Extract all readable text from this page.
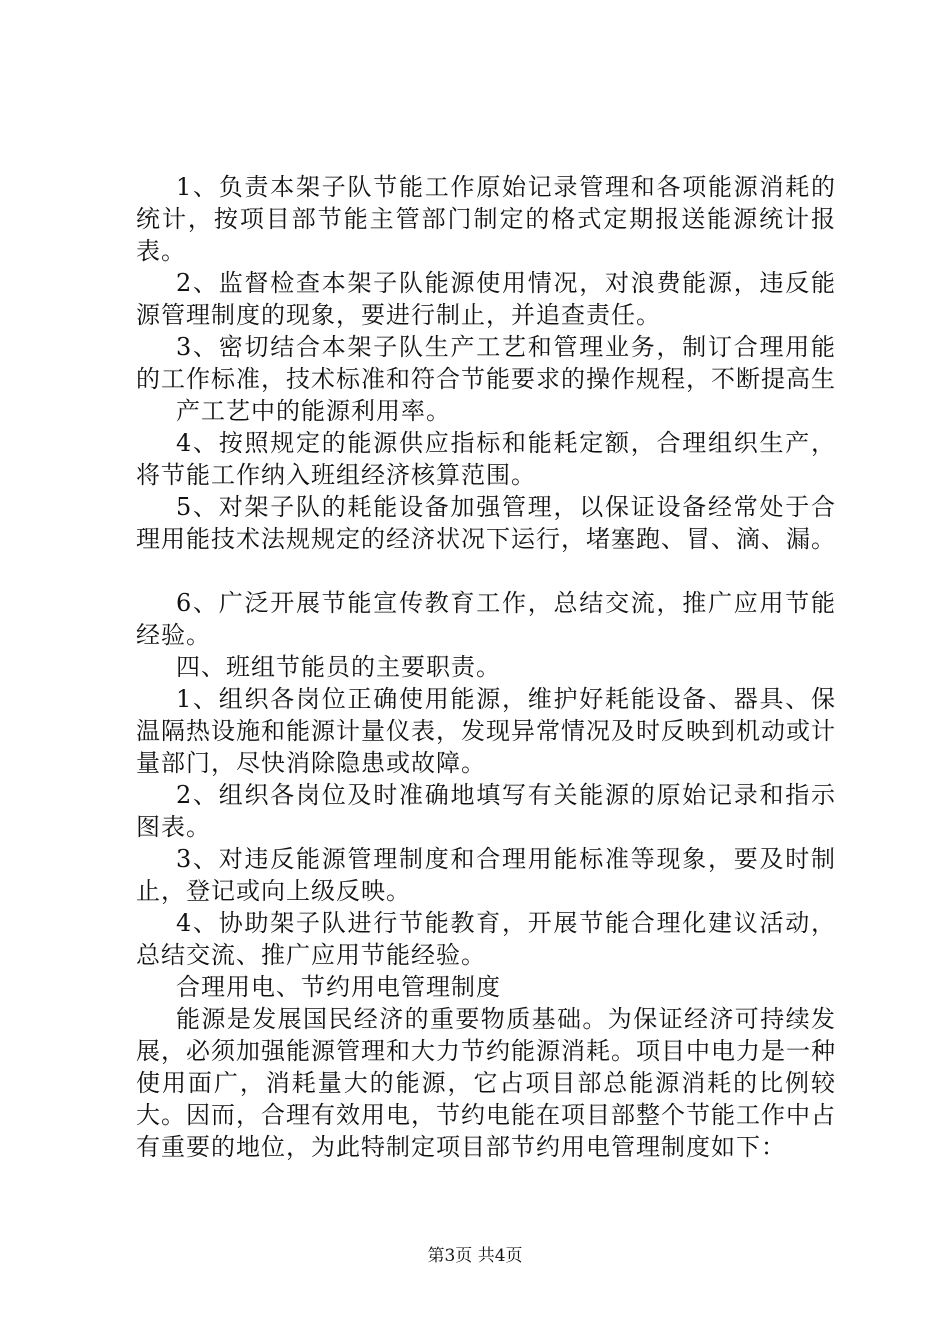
1、负责本架子队节能工作原始记录管理和各项能源消耗的统计，按项目部节能主管部门制定的格式定期报送能源统计报表。

2、监督检查本架子队能源使用情况，对浪费能源，违反能源管理制度的现象，要进行制止，并追查责任。

3、密切结合本架子队生产工艺和管理业务，制订合理用能的工作标准，技术标准和符合节能要求的操作规程，不断提高生

产工艺中的能源利用率。

4、按照规定的能源供应指标和能耗定额，合理组织生产，将节能工作纳入班组经济核算范围。

5、对架子队的耗能设备加强管理，以保证设备经常处于合理用能技术法规规定的经济状况下运行，堵塞跑、冒、滴、漏。

6、广泛开展节能宣传教育工作，总结交流，推广应用节能经验。

四、班组节能员的主要职责。

1、组织各岗位正确使用能源，维护好耗能设备、器具、保温隔热设施和能源计量仪表，发现异常情况及时反映到机动或计量部门，尽快消除隐患或故障。

2、组织各岗位及时准确地填写有关能源的原始记录和指示图表。

3、对违反能源管理制度和合理用能标准等现象，要及时制止，登记或向上级反映。

4、协助架子队进行节能教育，开展节能合理化建议活动，总结交流、推广应用节能经验。

合理用电、节约用电管理制度

能源是发展国民经济的重要物质基础。为保证经济可持续发展，必须加强能源管理和大力节约能源消耗。项目中电力是一种使用面广，消耗量大的能源，它占项目部总能源消耗的比例较大。因而，合理有效用电，节约电能在项目部整个节能工作中占有重要的地位，为此特制定项目部节约用电管理制度如下：

第3页 共4页
